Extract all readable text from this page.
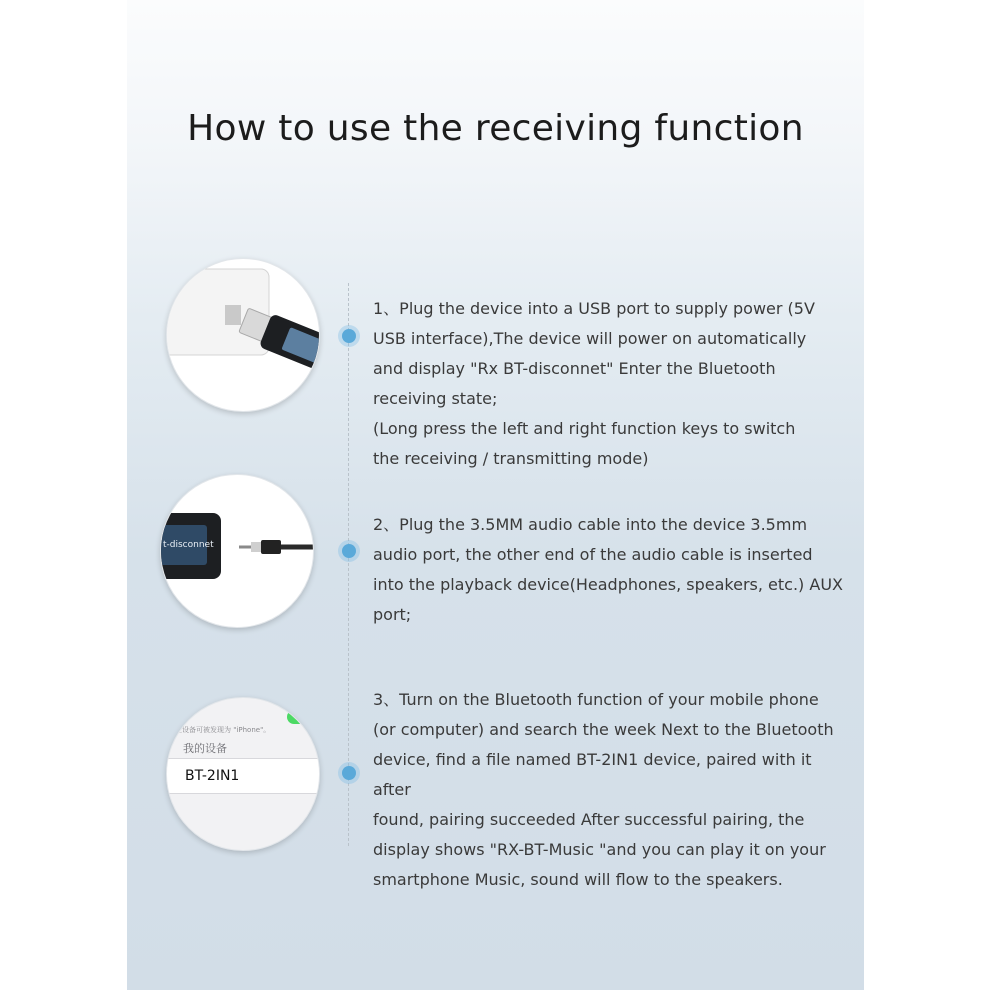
How to use the receiving function
1、Plug the device into a USB port to supply power (5V
USB interface),The device will power on automatically
and display "Rx BT-disconnet" Enter the Bluetooth
receiving state;
(Long press the left and right function keys to switch
the receiving / transmitting mode)
t-disconnet
2、Plug the 3.5MM audio cable into the device 3.5mm
audio port, the other end of the audio cable is inserted
into the playback device(Headphones, speakers, etc.) AUX port;
在设备可被发现为 "iPhone"。
我的设备
BT-2IN1
3、Turn on the Bluetooth function of your mobile phone
(or computer) and search the week Next to the Bluetooth
device, find a file named BT-2IN1 device, paired with it after
found, pairing succeeded After successful pairing, the
display shows "RX-BT-Music "and you can play it on your
smartphone Music, sound will flow to the speakers.
